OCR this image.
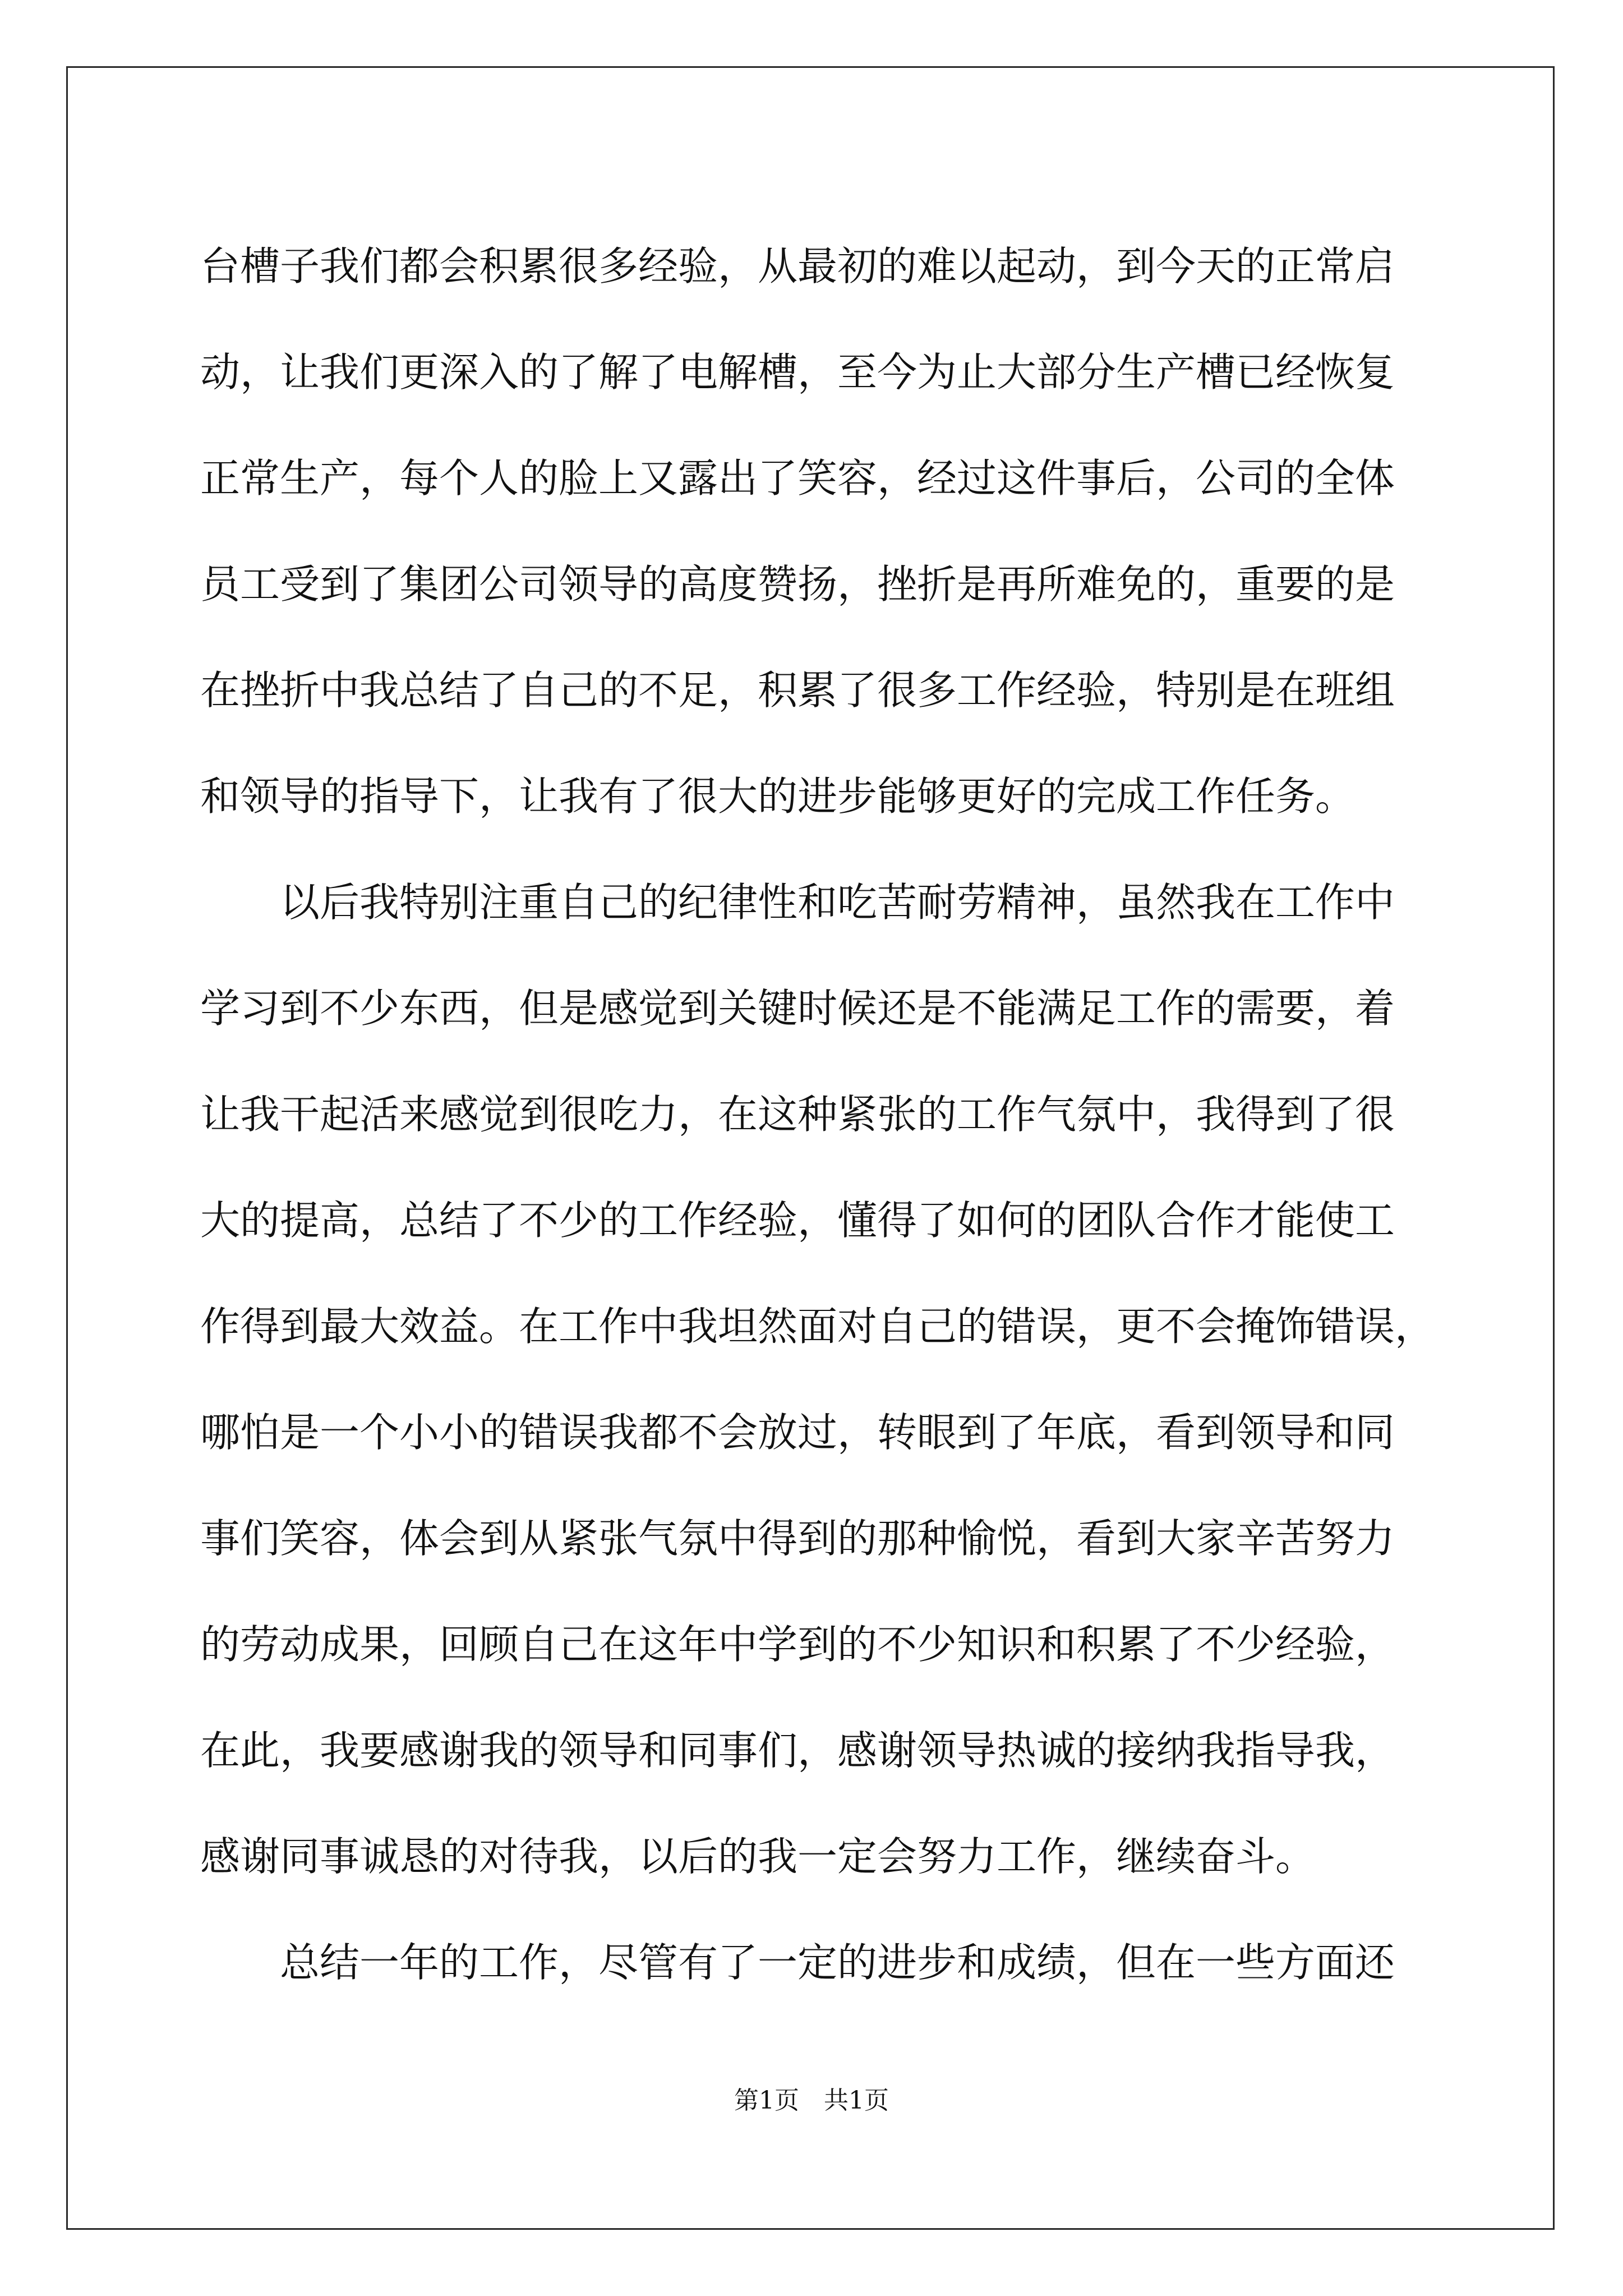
台槽子我们都会积累很多经验，从最初的难以起动，到今天的正常启
动，让我们更深入的了解了电解槽，至今为止大部分生产槽已经恢复
正常生产，每个人的脸上又露出了笑容，经过这件事后，公司的全体
员工受到了集团公司领导的高度赞扬，挫折是再所难免的，重要的是
在挫折中我总结了自己的不足，积累了很多工作经验，特别是在班组
和领导的指导下，让我有了很大的进步能够更好的完成工作任务。
以后我特别注重自己的纪律性和吃苦耐劳精神，虽然我在工作中
学习到不少东西，但是感觉到关键时候还是不能满足工作的需要，着
让我干起活来感觉到很吃力，在这种紧张的工作气氛中，我得到了很
大的提高，总结了不少的工作经验，懂得了如何的团队合作才能使工
作得到最大效益。在工作中我坦然面对自己的错误，更不会掩饰错误，
哪怕是一个小小的错误我都不会放过，转眼到了年底，看到领导和同
事们笑容，体会到从紧张气氛中得到的那种愉悦，看到大家辛苦努力
的劳动成果，回顾自己在这年中学到的不少知识和积累了不少经验，
在此，我要感谢我的领导和同事们，感谢领导热诚的接纳我指导我，
感谢同事诚恳的对待我，以后的我一定会努力工作，继续奋斗。
总结一年的工作，尽管有了一定的进步和成绩，但在一些方面还
第1页　共1页
